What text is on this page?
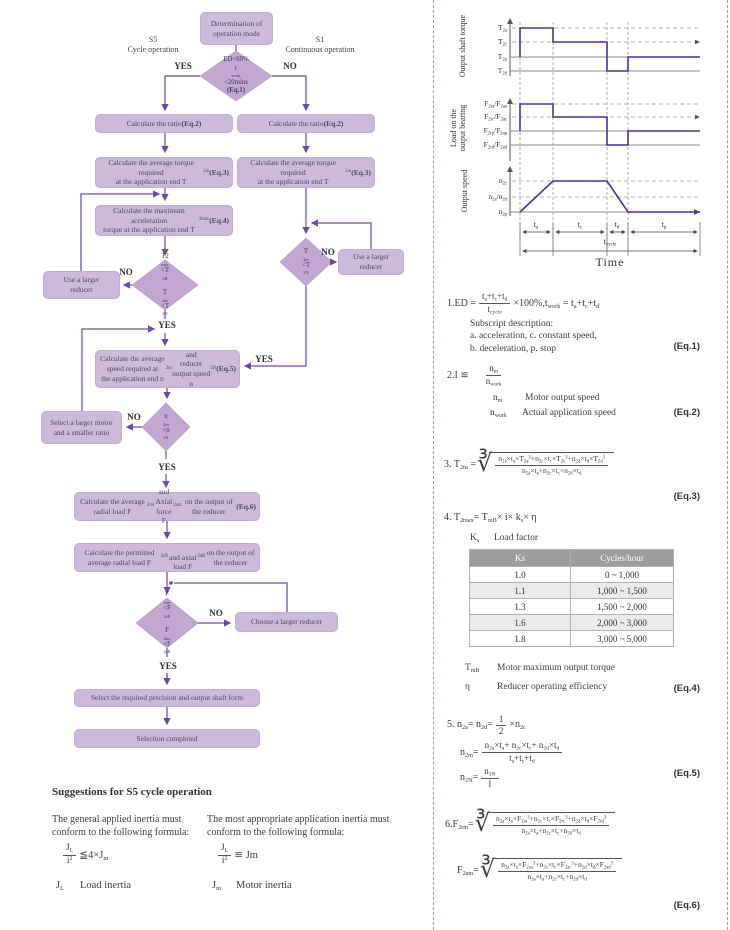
Determination of
operation mode
S5
Cycle operation
S1
Continuous operation
ED<60%
t
work
<20mins

(Eq.1)
Calculate the ratio (Eq.2)	Calculate the ratio (Eq.2)
Calculate the average torque required
at the application end T
2m (Eq.3)
Calculate the average torque required
at the application end T
2m (Eq.3)
Calculate the maximum acceleration
torque at the application end T
2max (Eq.4)
T2
max
2B

T
2m
2N
Use a larger
reducer
2m
<T
2N
Use a larger
reducer
Calculate the average speed required at
the application end n
2m
and
reducer output speed n
2N (Eq.5)
2m
<n
2N
Select a larger motor
and a smaller ratio
Calculate the average radial load F
2rm
and Axial
force F
2am
on the output of the reducer
(Eq.6)
Calculate the permitted average radial load F
2rB and axial load F
2aB
on the output of the reducer
F
2rm
2rB

F
2am
2aB
Choose a larger reducer
Select the required precision and output shaft form
Selection completed
YES	NO
NO
YES
NO
YES
NO
YES
NO
YES
Output shaft torque
Load on the
output bearing
Output speed
$T_{2a}$
$T_{2c}$
$T_{2p}$
$T_{2d}$
$F_{2ra}/F_{2aa}$
$F_{2rc}/F_{2ac}$
$F_{2rp}/F_{2ap}$
$F_{2rd}/F_{2ad}$
$n_{2c}$
$n_{2a}/n_{2d}$
$n_{2p}$
$t_a$	$t_c$	$t_d$	$t_p$
$t_{cycle}$
Time
$1.ED = \frac{t_a+t_c+t_d}{t_{cycle}} \times 100\%,t_{work} = t_a+t_c+t_d$
Subscript description:
a. acceleration, c. constant speed,
b. deceleration, p. stop	(Eq.1)
2.I ≌ $\frac{n_m}{n_{work}}$
$n_m$	Motor output speed
$n_{work}$	Actual application speed	(Eq.2)
3. $T_{2m}$ = ∛ $\frac{n_{2a}\times t_a\times T_{2a}^3+n_{2c}\times t_c\times T_{2c}^3+n_{2d}\times t_d\times T_{2d}^3}{n_{2a}\times t_a+n_{2c}\times t_c+n_{2d}\times t_d}$
(Eq.3)
4. $T_{2max}= T_{mB}\times i\times k_s\times \eta$
$K_s$	Load factor
Ks	Cycles/hour
1.0	0 ~ 1,000
1.1	1,000 ~ 1,500
1.3	1,500 ~ 2,000
1.6	2,000 ~ 3,000
1.8	3,000 ~ 5,000
$T_{mB}$	Motor maximum output torque
η	Reducer operating efficiency	(Eq.4)
5. $n_{2a}= n_{2d}= \frac{1}{2} \times n_{2c}$
$n_{2m}= \frac{n_{2a}\times t_a+ n_{2c}\times t_c+ n_{2d}\times t_d}{t_a+t_c+t_d}$
$n_{2N}= \frac{n_{1N}}{I}$	(Eq.5)
$6.F_{2rm}=$ ∛ $\frac{n_{2a}\times t_a\times F_{2ra}^3+n_{2c}\times t_c\times F_{2rc}^3+n_{2d}\times t_d\times F_{2rd}^3}{n_{2a}\times t_a+n_{2c}\times t_c+n_{2d}\times t_d}$
$F_{2am}=$ ∛ $\frac{n_{2a}\times t_a\times F_{2aa}^3+n_{2c}\times t_c\times F_{2ac}^3+n_{2d}\times t_d\times F_{2ad}^3}{n_{2a}\times t_a+n_{2c}\times t_c+n_{2d}\times t_d}$
(Eq.6)
Suggestions for S5 cycle operation
The general applied inertia must
conform to the following formula:
$\frac{J_L}{i^2}$ $≦4\times J_m$
$J_L$	Load inertia
The most appropriate application inertia must
conform to the following formula:
$\frac{J_L}{i^2}$ ≌ Jm
$J_m$	Motor inertia
